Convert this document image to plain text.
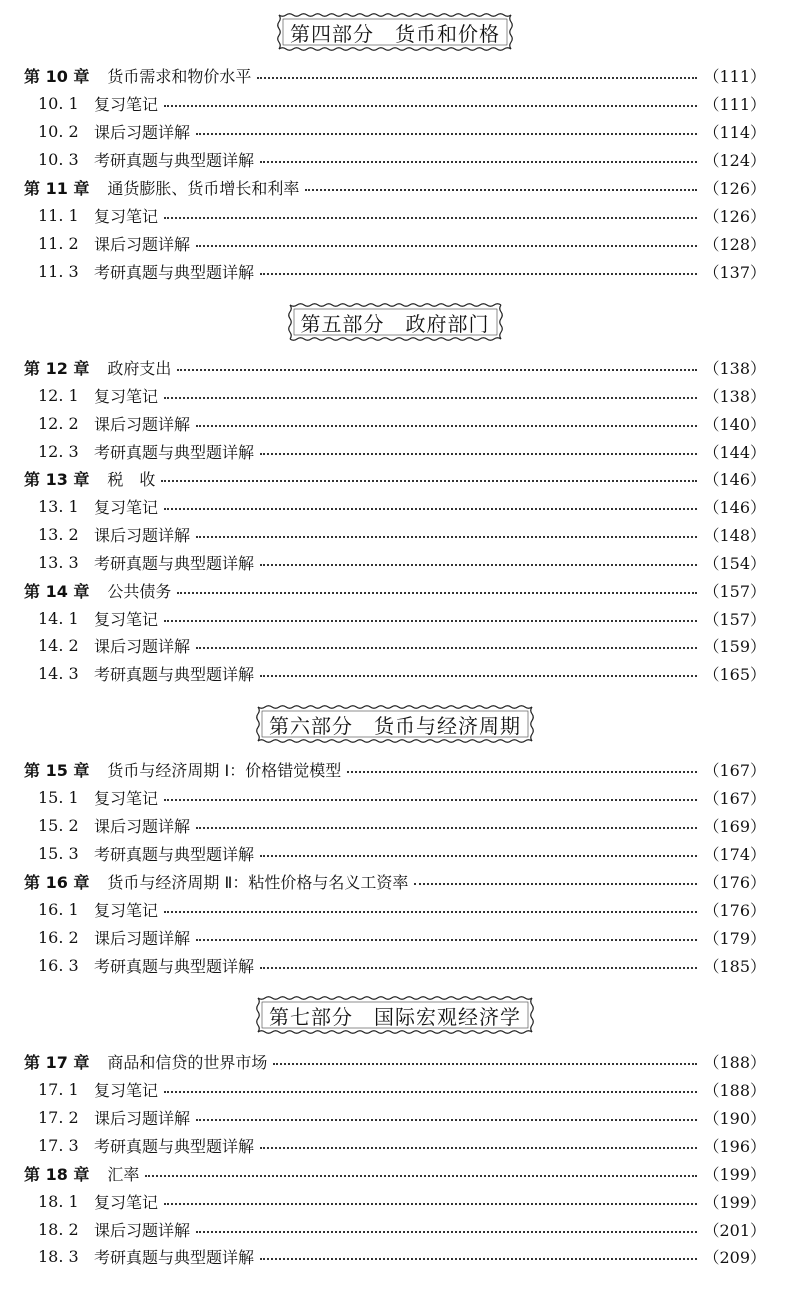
第四部分　货币和价格
第 10 章 货币需求和物价水平	（111）
10. 1 复习笔记	（111）
10. 2 课后习题详解	（114）
10. 3 考研真题与典型题详解	（124）
第 11 章 通货膨胀、货币增长和利率	（126）
11. 1 复习笔记	（126）
11. 2 课后习题详解	（128）
11. 3 考研真题与典型题详解	（137）
第五部分　政府部门
第 12 章 政府支出	（138）
12. 1 复习笔记	（138）
12. 2 课后习题详解	（140）
12. 3 考研真题与典型题详解	（144）
第 13 章 税　收	（146）
13. 1 复习笔记	（146）
13. 2 课后习题详解	（148）
13. 3 考研真题与典型题详解	（154）
第 14 章 公共债务	（157）
14. 1 复习笔记	（157）
14. 2 课后习题详解	（159）
14. 3 考研真题与典型题详解	（165）
第六部分　货币与经济周期
第 15 章 货币与经济周期 Ⅰ：价格错觉模型	（167）
15. 1 复习笔记	（167）
15. 2 课后习题详解	（169）
15. 3 考研真题与典型题详解	（174）
第 16 章 货币与经济周期 Ⅱ：粘性价格与名义工资率	（176）
16. 1 复习笔记	（176）
16. 2 课后习题详解	（179）
16. 3 考研真题与典型题详解	（185）
第七部分　国际宏观经济学
第 17 章 商品和信贷的世界市场	（188）
17. 1 复习笔记	（188）
17. 2 课后习题详解	（190）
17. 3 考研真题与典型题详解	（196）
第 18 章 汇率	（199）
18. 1 复习笔记	（199）
18. 2 课后习题详解	（201）
18. 3 考研真题与典型题详解	（209）
